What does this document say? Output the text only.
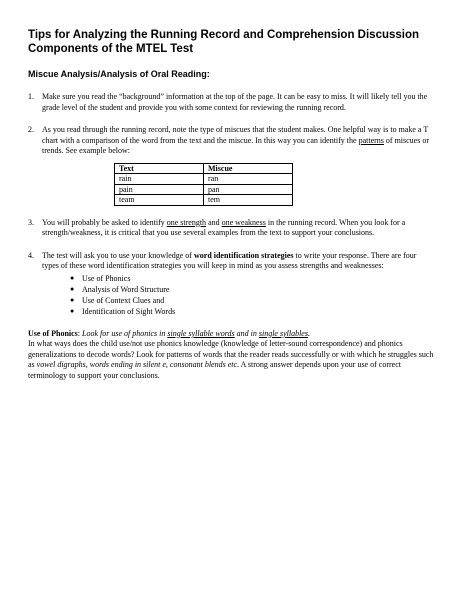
Tips for Analyzing the Running Record and Comprehension Discussion Components of the MTEL Test
Miscue Analysis/Analysis of Oral Reading:
1. Make sure you read the “background” information at the top of the page. It can be easy to miss. It will likely tell you the grade level of the student and provide you with some context for reviewing the running record.
2. As you read through the running record, note the type of miscues that the student makes. One helpful way is to make a T chart with a comparison of the word from the text and the miscue. In this way you can identify the patterns of miscues or trends. See example below:
Text	Miscue
rain	ran
pain	pan
team	tem
3. You will probably be asked to identify one strength and one weakness in the running record. When you look for a strength/weakness, it is critical that you use several examples from the text to support your conclusions.
4. The test will ask you to use your knowledge of word identification strategies to write your response. There are four types of these word identification strategies you will keep in mind as you assess strengths and weaknesses:
● Use of Phonics
● Analysis of Word Structure
● Use of Context Clues and
● Identification of Sight Words

Use of Phonics: Look for use of phonics in single syllable words and in single syllables.

In what ways does the child use/not use phonics knowledge (knowledge of letter-sound correspondence) and phonics generalizations to decode words? Look for patterns of words that the reader reads successfully or with which he struggles such as vowel digraphs, words ending in silent e, consonant blends etc. A strong answer depends upon your use of correct terminology to support your conclusions.
